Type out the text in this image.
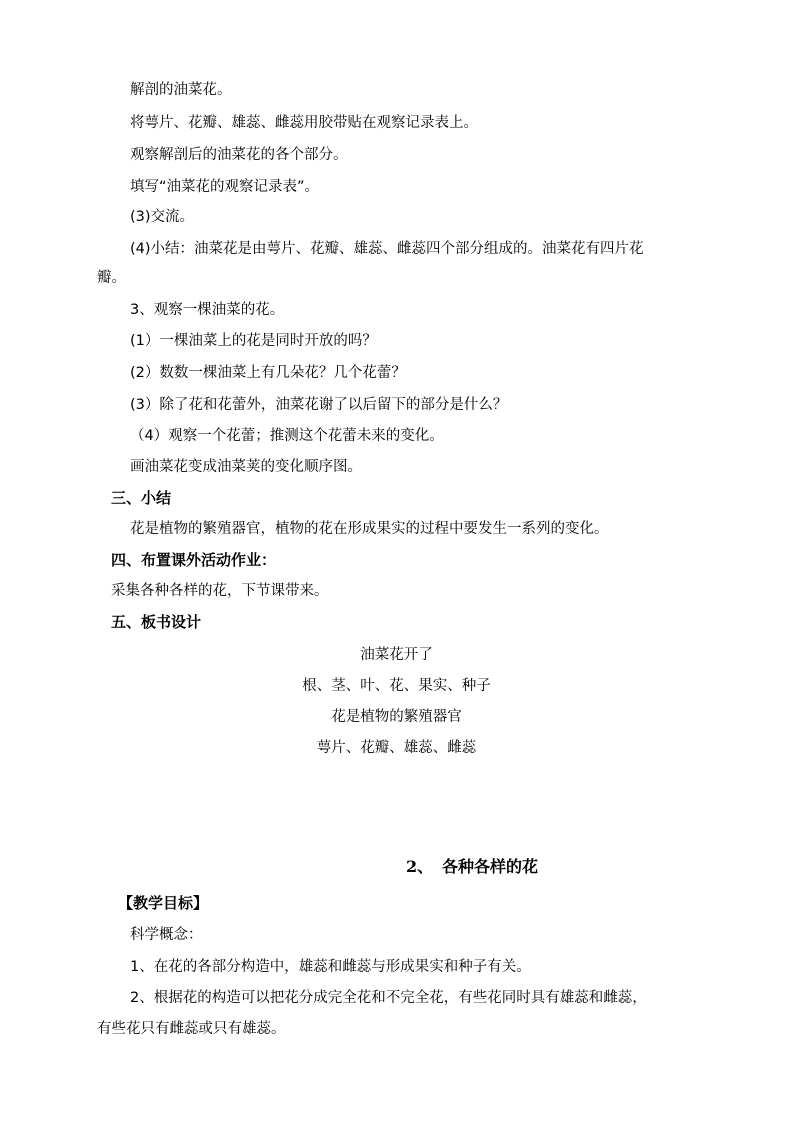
解剖的油菜花。
将萼片、花瓣、雄蕊、雌蕊用胶带贴在观察记录表上。
观察解剖后的油菜花的各个部分。
填写“油菜花的观察记录表”。
(3)交流。
(4)小结：油菜花是由萼片、花瓣、雄蕊、雌蕊四个部分组成的。油菜花有四片花
瓣。
3、观察一棵油菜的花。
(1）一棵油菜上的花是同时开放的吗？
(2）数数一棵油菜上有几朵花？几个花蕾？
(3）除了花和花蕾外，油菜花谢了以后留下的部分是什么？
（4）观察一个花蕾；推测这个花蕾未来的变化。
画油菜花变成油菜荚的变化顺序图。
三、小结
花是植物的繁殖器官，植物的花在形成果实的过程中要发生一系列的变化。
四、布置课外活动作业：
采集各种各样的花，下节课带来。
五、板书设计
油菜花开了
根、茎、叶、花、果实、种子
花是植物的繁殖器官
萼片、花瓣、雄蕊、雌蕊
2、 各种各样的花
【教学目标】
科学概念：
1、在花的各部分构造中，雄蕊和雌蕊与形成果实和种子有关。
2、根据花的构造可以把花分成完全花和不完全花，有些花同时具有雄蕊和雌蕊，
有些花只有雌蕊或只有雄蕊。
